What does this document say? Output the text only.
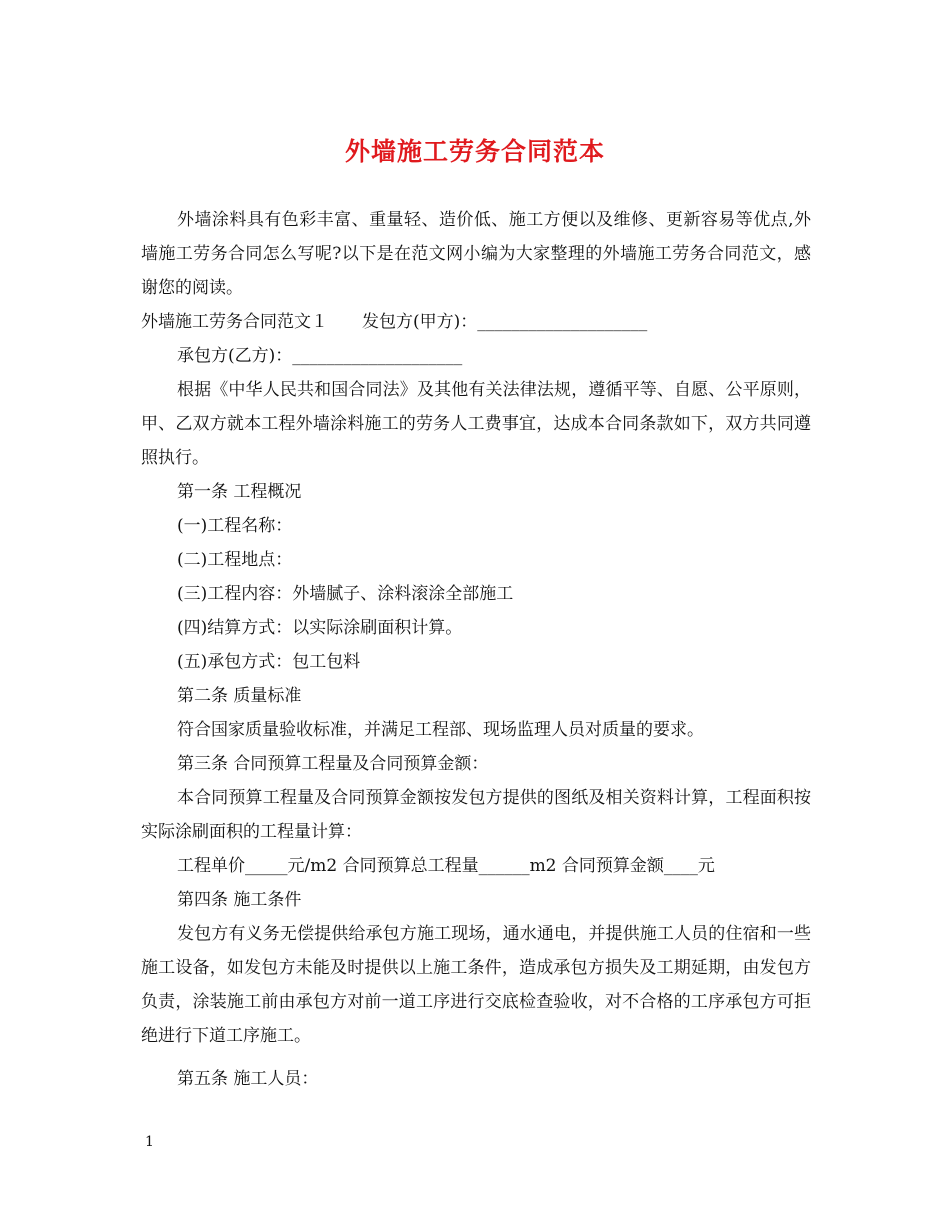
外墙施工劳务合同范本

外墙涂料具有色彩丰富、重量轻、造价低、施工方便以及维修、更新容易等优点,外墙施工劳务合同怎么写呢?以下是在范文网小编为大家整理的外墙施工劳务合同范文，感谢您的阅读。

外墙施工劳务合同范文１　　发包方(甲方)：____________________

承包方(乙方)：____________________

根据《中华人民共和国合同法》及其他有关法律法规，遵循平等、自愿、公平原则，甲、乙双方就本工程外墙涂料施工的劳务人工费事宜，达成本合同条款如下，双方共同遵照执行。

第一条 工程概况

(一)工程名称：

(二)工程地点：

(三)工程内容：外墙腻子、涂料滚涂全部施工

(四)结算方式：以实际涂刷面积计算。

(五)承包方式：包工包料

第二条 质量标准

符合国家质量验收标准，并满足工程部、现场监理人员对质量的要求。

第三条 合同预算工程量及合同预算金额：

本合同预算工程量及合同预算金额按发包方提供的图纸及相关资料计算，工程面积按实际涂刷面积的工程量计算：

工程单价_____元/m2 合同预算总工程量______m2 合同预算金额____元

第四条 施工条件

发包方有义务无偿提供给承包方施工现场，通水通电，并提供施工人员的住宿和一些施工设备，如发包方未能及时提供以上施工条件，造成承包方损失及工期延期，由发包方负责，涂装施工前由承包方对前一道工序进行交底检查验收，对不合格的工序承包方可拒绝进行下道工序施工。

第五条 施工人员：

1
